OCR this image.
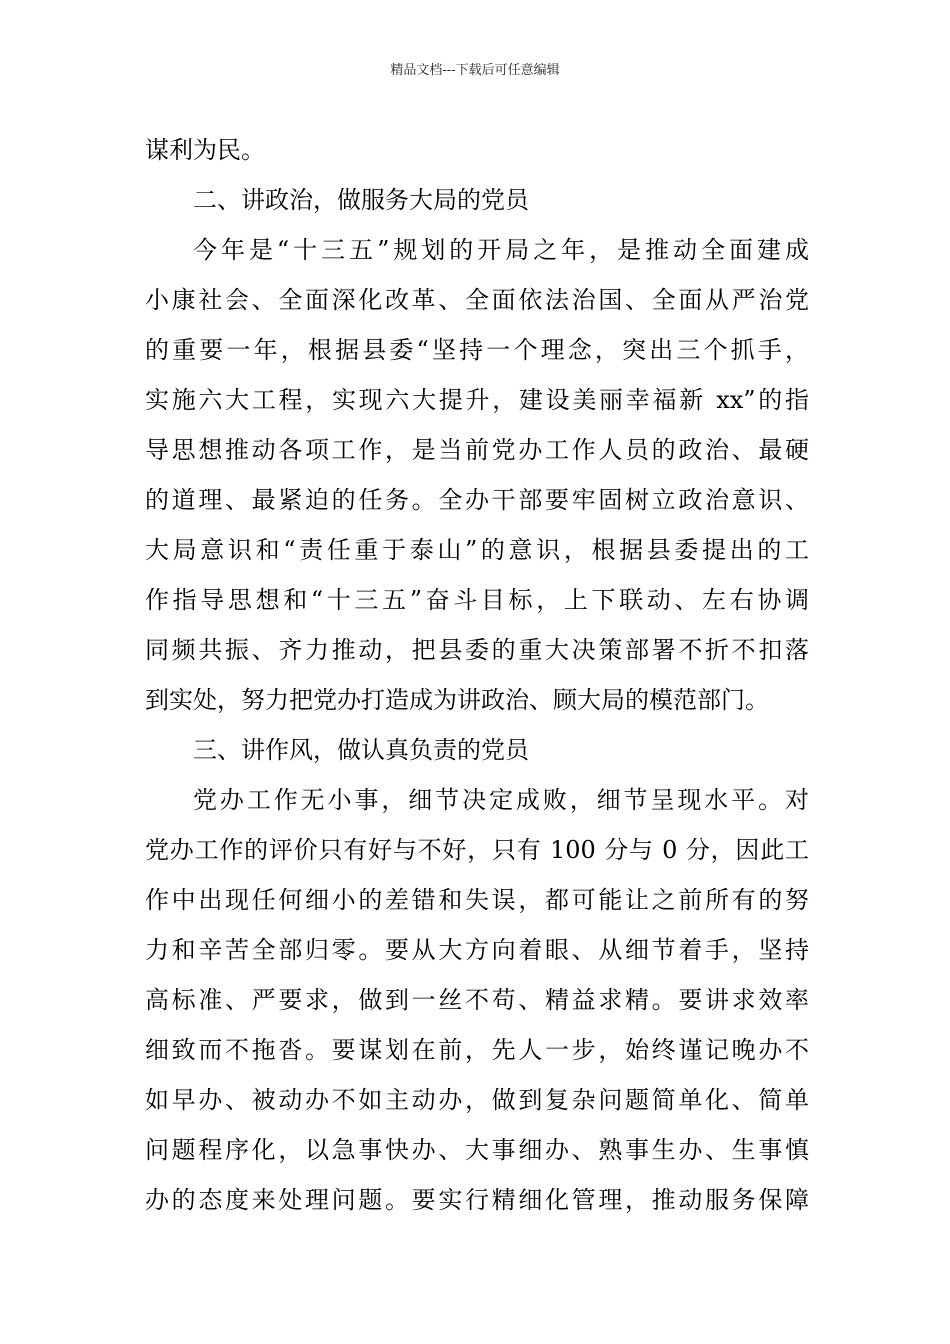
精品文档---下载后可任意编辑
谋利为民。
二、讲政治，做服务大局的党员
今年是“十三五”规划的开局之年，是推动全面建成
小康社会、全面深化改革、全面依法治国、全面从严治党
的重要一年，根据县委“坚持一个理念，突出三个抓手，
实施六大工程，实现六大提升，建设美丽幸福新 xx”的指
导思想推动各项工作，是当前党办工作人员的政治、最硬
的道理、最紧迫的任务。全办干部要牢固树立政治意识、
大局意识和“责任重于泰山”的意识，根据县委提出的工
作指导思想和“十三五”奋斗目标，上下联动、左右协调
同频共振、齐力推动，把县委的重大决策部署不折不扣落
到实处，努力把党办打造成为讲政治、顾大局的模范部门。
三、讲作风，做认真负责的党员
党办工作无小事，细节决定成败，细节呈现水平。对
党办工作的评价只有好与不好，只有 100 分与 0 分，因此工
作中出现任何细小的差错和失误，都可能让之前所有的努
力和辛苦全部归零。要从大方向着眼、从细节着手，坚持
高标准、严要求，做到一丝不苟、精益求精。要讲求效率
细致而不拖沓。要谋划在前，先人一步，始终谨记晚办不
如早办、被动办不如主动办，做到复杂问题简单化、简单
问题程序化，以急事快办、大事细办、熟事生办、生事慎
办的态度来处理问题。要实行精细化管理，推动服务保障
